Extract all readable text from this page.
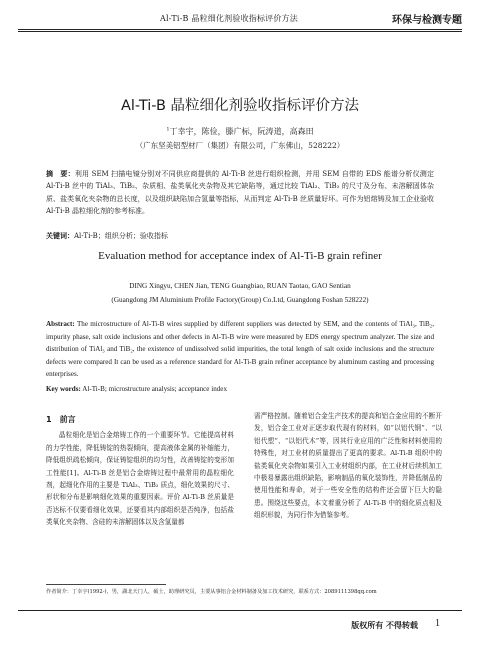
Al-Ti-B 晶粒细化剂验收指标评价方法	环保与检测专题
Al-Ti-B 晶粒细化剂验收指标评价方法
$^1$丁幸宇，陈俭，滕广标，阮涛道，高森田
（广东坚美铝型材厂（集团）有限公司，广东佛山，528222）
摘　要：利用 SEM 扫描电镜分别对不同供应商提供的 Al-Ti-B 丝进行组织检测，并用 SEM 自带的 EDS 能谱分析仪测定 Al-Ti-B 丝中的 TiAl₃、TiB₂、杂质相、盐类氧化夹杂物及其它缺陷等，通过比较 TiAl₃、TiB₂ 的尺寸及分布、未溶解固体杂质、盐类氧化夹杂物的总长度，以及组织缺陷加合氢量等指标，从而判定 Al-Ti-B 丝质量好坏。可作为铝熔铸及加工企业验收 Al-Ti-B 晶粒细化剂的参考标准。
关键词：Al-Ti-B；组织分析；验收指标
Evaluation method for acceptance index of Al-Ti-B grain refiner
DING Xingyu, CHEN Jian, TENG Guangbiao, RUAN Taotao, GAO Sentian
(Guangdong JM Aluminium Profile Factory(Group) Co.Ltd, Guangdong Foshan 528222)
Abstract: The microstructure of Al-Ti-B wires supplied by different suppliers was detected by SEM, and the contents of TiAl₃, TiB₂, impurity phase, salt oxide inclusions and other defects in Al-Ti-B wire were measured by EDS energy spectrum analyzer. The size and distribution of TiAl₃ and TiB₂, the existence of undissolved solid impurities, the total length of salt oxide inclusions and the structure defects were compared It can be used as a reference standard for Al-Ti-B grain refiner acceptance by aluminum casting and processing enterprises.
Key words: Al-Ti-B; microstructure analysis; acceptance index
1　前言

晶粒细化是铝合金熔铸工作的一个重要环节。它能提高材料的力学性能，降低铸锭的热裂倾向，提高液体金属的补缩能力，降低组织疏松倾向，保证铸锭组织的均匀性，改善铸锭的变形加工性能[1]。Al-Ti-B 丝是铝合金熔铸过程中最常用的晶粒细化剂，起细化作用的主要是 TiAl₃、TiB₂ 质点，细化效果的尺寸、形状和分布是影响细化效果的重要因素。评价 Al-Ti-B 丝质量是否达标不仅要看细化效果，还要看其内部组织是否纯净，包括盐类氧化夹杂物、含硅的未溶解固体以及含氢量都

需严格控制。随着铝合金生产技术的提高和铝合金应用的不断开发，铝合金工业对正逐步取代现有的材料，如“以铝代钢”、“以铝代塑”、“以铝代木”等，因其行业应用的广泛性和材料使用的特殊性，对工业材的质量提出了更高的要求。Al-Ti-B 组织中的盐类氧化夹杂物如果引入工业材组织内部，在工业材后续机加工中极易暴露出组织缺陷，影响制品的氧化装饰性，并降低制品的使用性能和寿命，对于一些安全性的结构件还会留下巨大的隐患。围绕这些要点，本文着重分析了 Al-Ti-B 中的细化质点相及组织形貌，为同行作为借鉴参考。

作者简介：丁幸宇(1992-)，男，湖北天门人，硕士，助理研究员，主要从事铝合金材料制备及加工技术研究，联系方式：2089111398qq.com
版权所有 不得转载 1
